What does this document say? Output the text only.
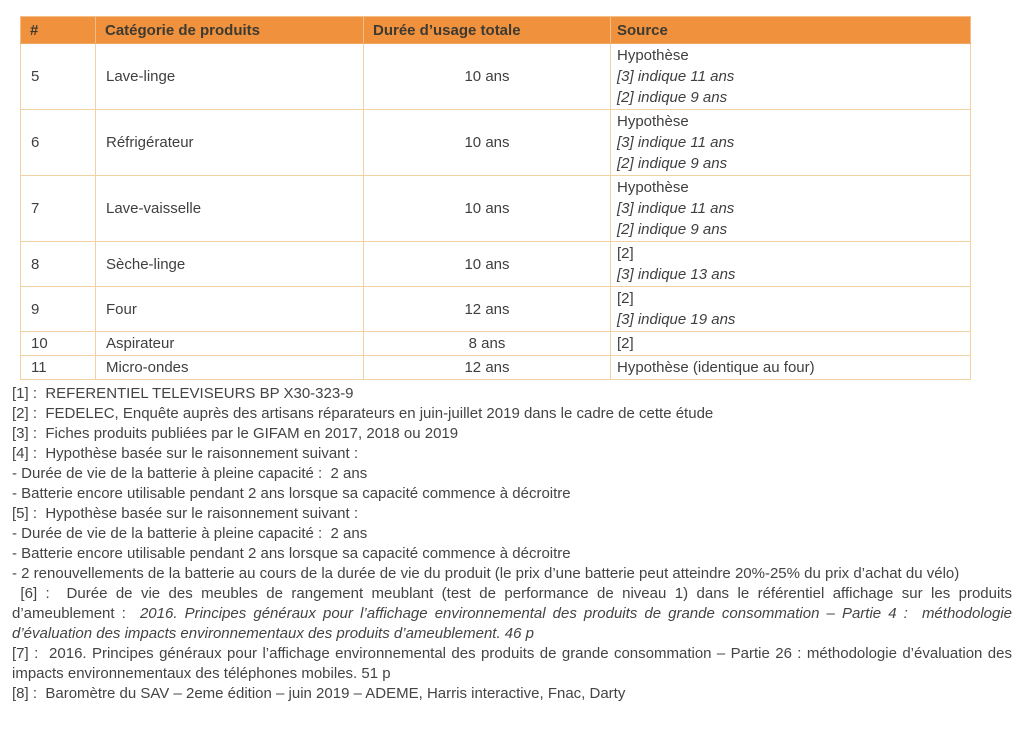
#	Catégorie de produits	Durée d’usage totale	Source
5	Lave-linge	10 ans	Hypothèse
[3] indique 11 ans
[2] indique 9 ans

6	Réfrigérateur	10 ans	Hypothèse
[3] indique 11 ans
[2] indique 9 ans

7	Lave-vaisselle	10 ans	Hypothèse
[3] indique 11 ans
[2] indique 9 ans

8	Sèche-linge	10 ans	[2]
[3] indique 13 ans

9	Four	12 ans	[2]
[3] indique 19 ans

10	Aspirateur	8 ans	[2]

11	Micro-ondes	12 ans	Hypothèse (identique au four)
[1] :  REFERENTIEL TELEVISEURS BP X30-323-9
[2] :  FEDELEC, Enquête auprès des artisans réparateurs en juin-juillet 2019 dans le cadre de cette étude
[3] :  Fiches produits publiées par le GIFAM en 2017, 2018 ou 2019
[4] :  Hypothèse basée sur le raisonnement suivant :
- Durée de vie de la batterie à pleine capacité :  2 ans
- Batterie encore utilisable pendant 2 ans lorsque sa capacité commence à décroitre
[5] :  Hypothèse basée sur le raisonnement suivant :
- Durée de vie de la batterie à pleine capacité :  2 ans
- Batterie encore utilisable pendant 2 ans lorsque sa capacité commence à décroitre
- 2 renouvellements de la batterie au cours de la durée de vie du produit (le prix d’une batterie peut atteindre 20%-25% du prix d’achat du vélo)
[6] :  Durée de vie des meubles de rangement meublant (test de performance de niveau 1) dans le référentiel affichage sur les produits d’ameublement :  2016. Principes généraux pour l’affichage environnemental des produits de grande consommation – Partie 4 :  méthodologie d’évaluation des impacts environnementaux des produits d’ameublement. 46 p
[7] :  2016. Principes généraux pour l’affichage environnemental des produits de grande consommation – Partie 26 : méthodologie d’évaluation des impacts environnementaux des téléphones mobiles. 51 p
[8] :  Baromètre du SAV – 2eme édition – juin 2019 – ADEME, Harris interactive, Fnac, Darty
